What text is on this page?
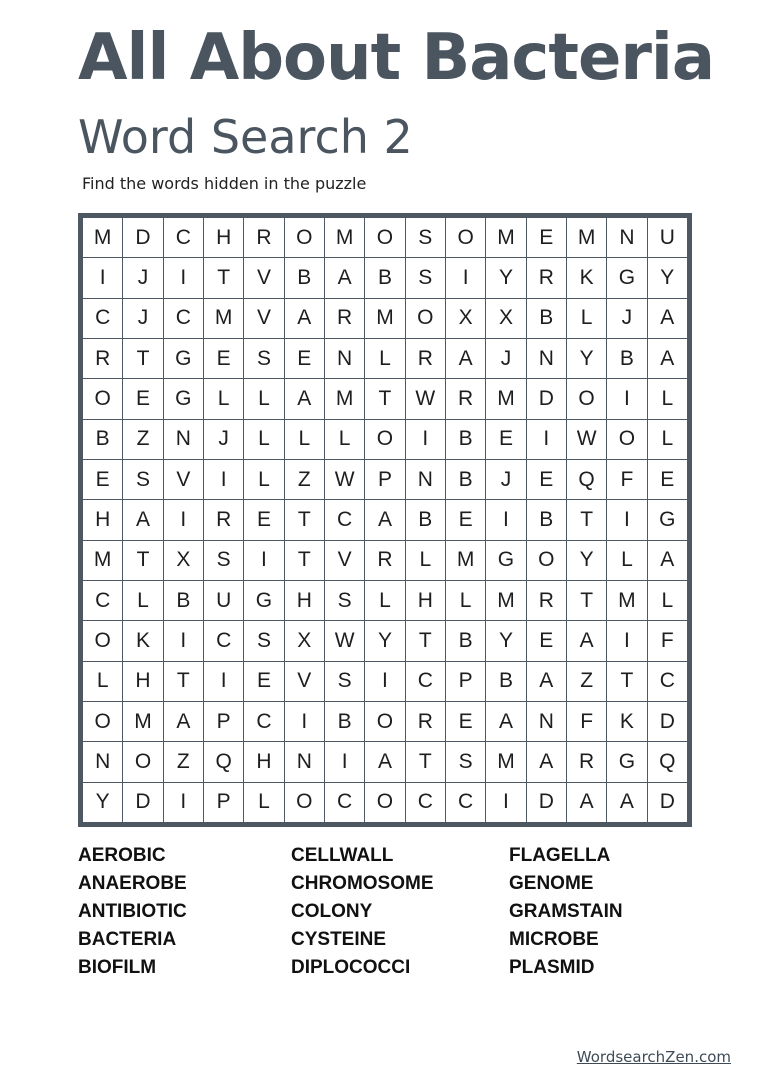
All About Bacteria
Word Search 2
Find the words hidden in the puzzle
M	D	C	H	R	O	M	O	S	O	M	E	M	N	U
I	J	I	T	V	B	A	B	S	I	Y	R	K	G	Y
C	J	C	M	V	A	R	M	O	X	X	B	L	J	A
R	T	G	E	S	E	N	L	R	A	J	N	Y	B	A
O	E	G	L	L	A	M	T	W	R	M	D	O	I	L
B	Z	N	J	L	L	L	O	I	B	E	I	W	O	L
E	S	V	I	L	Z	W	P	N	B	J	E	Q	F	E
H	A	I	R	E	T	C	A	B	E	I	B	T	I	G
M	T	X	S	I	T	V	R	L	M	G	O	Y	L	A
C	L	B	U	G	H	S	L	H	L	M	R	T	M	L
O	K	I	C	S	X	W	Y	T	B	Y	E	A	I	F
L	H	T	I	E	V	S	I	C	P	B	A	Z	T	C
O	M	A	P	C	I	B	O	R	E	A	N	F	K	D
N	O	Z	Q	H	N	I	A	T	S	M	A	R	G	Q
Y	D	I	P	L	O	C	O	C	C	I	D	A	A	D
AEROBIC
ANAEROBE
ANTIBIOTIC
BACTERIA
BIOFILM
CELLWALL
CHROMOSOME
COLONY
CYSTEINE
DIPLOCOCCI
FLAGELLA
GENOME
GRAMSTAIN
MICROBE
PLASMID
WordsearchZen.com
